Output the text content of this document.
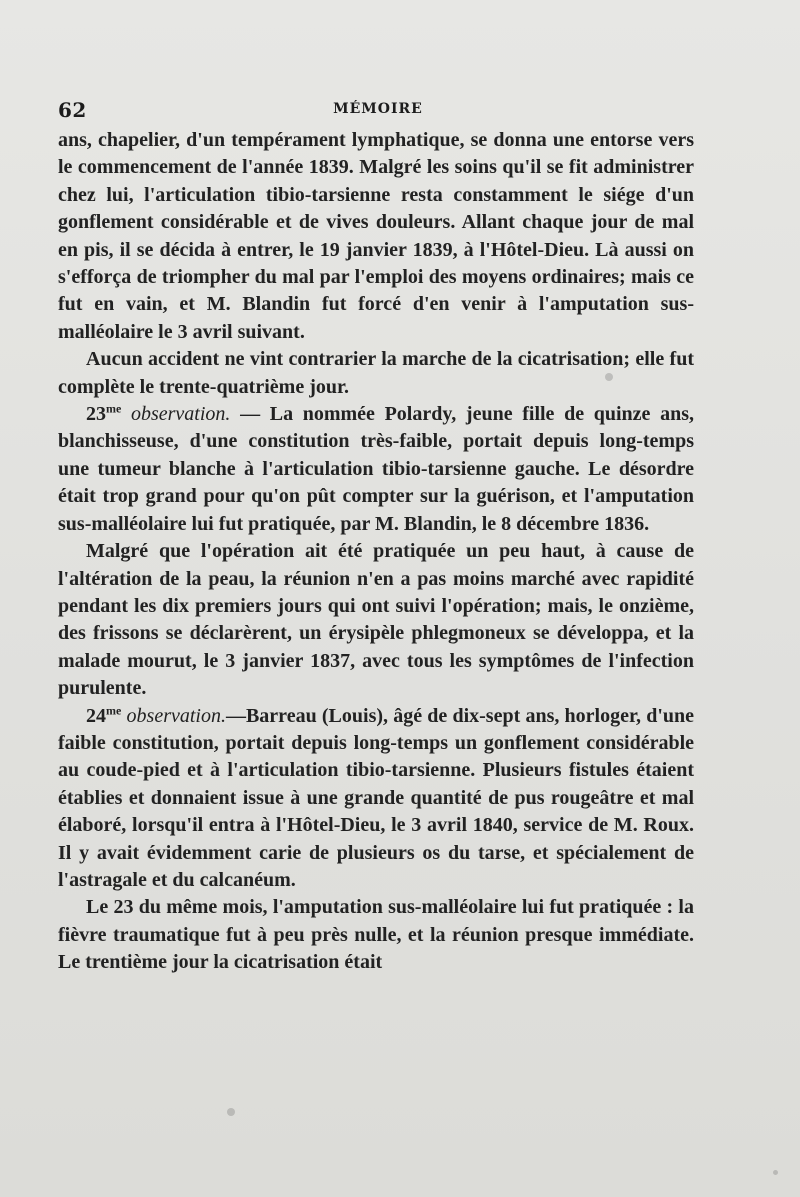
62	MÉMOIRE

ans, chapelier, d'un tempérament lymphatique, se donna une entorse vers le commencement de l'année 1839. Malgré les soins qu'il se fit administrer chez lui, l'articulation tibio-tarsienne resta constamment le siége d'un gonflement considérable et de vives douleurs. Allant chaque jour de mal en pis, il se décida à entrer, le 19 janvier 1839, à l'Hôtel-Dieu. Là aussi on s'efforça de triompher du mal par l'emploi des moyens ordinaires; mais ce fut en vain, et M. Blandin fut forcé d'en venir à l'amputation sus-malléolaire le 3 avril suivant.

Aucun accident ne vint contrarier la marche de la cicatrisation; elle fut complète le trente-quatrième jour.

$23^{me}$ observation. — La nommée Polardy, jeune fille de quinze ans, blanchisseuse, d'une constitution très-faible, portait depuis long-temps une tumeur blanche à l'articulation tibio-tarsienne gauche. Le désordre était trop grand pour qu'on pût compter sur la guérison, et l'amputation sus-malléolaire lui fut pratiquée, par M. Blandin, le 8 décembre 1836.

Malgré que l'opération ait été pratiquée un peu haut, à cause de l'altération de la peau, la réunion n'en a pas moins marché avec rapidité pendant les dix premiers jours qui ont suivi l'opération; mais, le onzième, des frissons se déclarèrent, un érysipèle phlegmoneux se développa, et la malade mourut, le 3 janvier 1837, avec tous les symptômes de l'infection purulente.

$24^{me}$ observation.—Barreau (Louis), âgé de dix-sept ans, horloger, d'une faible constitution, portait depuis long-temps un gonflement considérable au coude-pied et à l'articulation tibio-tarsienne. Plusieurs fistules étaient établies et donnaient issue à une grande quantité de pus rougeâtre et mal élaboré, lorsqu'il entra à l'Hôtel-Dieu, le 3 avril 1840, service de M. Roux. Il y avait évidemment carie de plusieurs os du tarse, et spécialement de l'astragale et du calcanéum.

Le 23 du même mois, l'amputation sus-malléolaire lui fut pratiquée : la fièvre traumatique fut à peu près nulle, et la réunion presque immédiate. Le trentième jour la cicatrisation était
